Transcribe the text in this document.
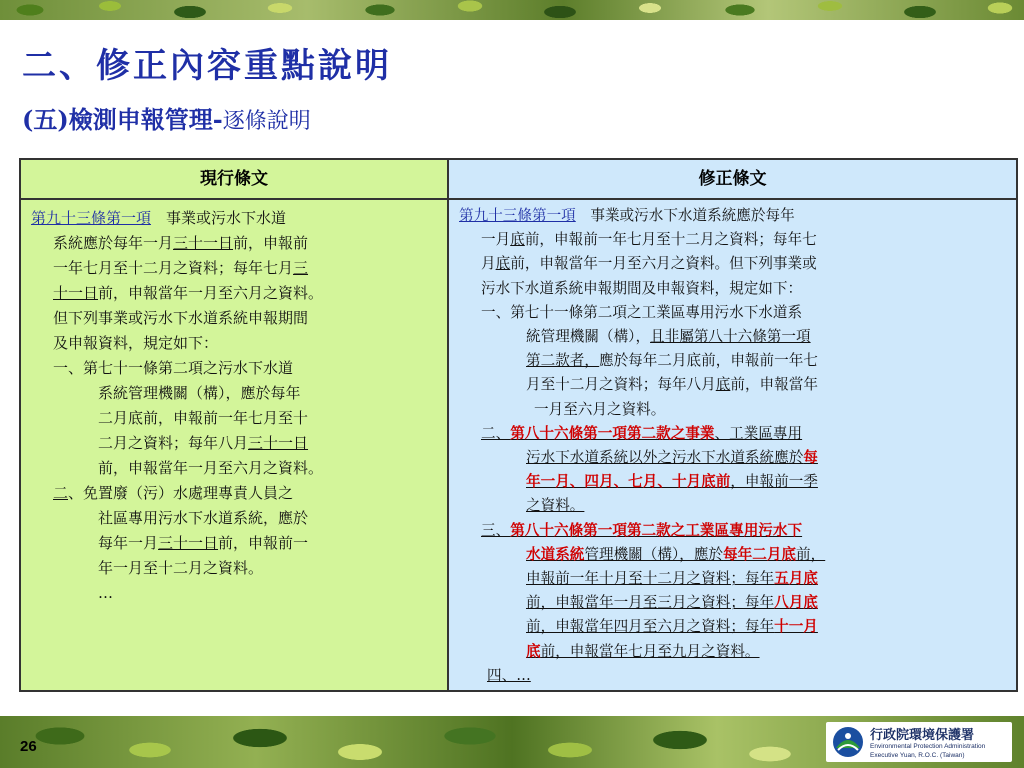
二、修正內容重點說明
(五)檢測申報管理-逐條說明
現行條文
第九十三條第一項　事業或污水下水道
系統應於每年一月三十一日前，申報前
一年七月至十二月之資料；每年七月三
十一日前，申報當年一月至六月之資料。
但下列事業或污水下水道系統申報期間
及申報資料，規定如下：
一、第七十一條第二項之污水下水道
系統管理機關（構），應於每年
二月底前，申報前一年七月至十
二月之資料；每年八月三十一日
前，申報當年一月至六月之資料。
二、免置廢（污）水處理專責人員之
社區專用污水下水道系統，應於
每年一月三十一日前，申報前一
年一月至十二月之資料。
…
修正條文
第九十三條第一項　事業或污水下水道系統應於每年
一月底前，申報前一年七月至十二月之資料；每年七
月底前，申報當年一月至六月之資料。但下列事業或
污水下水道系統申報期間及申報資料，規定如下：
一、第七十一條第二項之工業區專用污水下水道系
統管理機關（構），且非屬第八十六條第一項
第二款者，應於每年二月底前，申報前一年七
月至十二月之資料；每年八月底前，申報當年
一月至六月之資料。
二、第八十六條第一項第二款之事業、工業區專用
污水下水道系統以外之污水下水道系統應於每
年一月、四月、七月、十月底前，申報前一季
之資料。
三、第八十六條第一項第二款之工業區專用污水下
水道系統管理機關（構），應於每年二月底前，
申報前一年十月至十二月之資料；每年五月底
前，申報當年一月至三月之資料；每年八月底
前，申報當年四月至六月之資料；每年十一月
底前，申報當年七月至九月之資料。
四、…
26
行政院環境保護署
Environmental Protection Administration
Executive Yuan, R.O.C. (Taiwan)
